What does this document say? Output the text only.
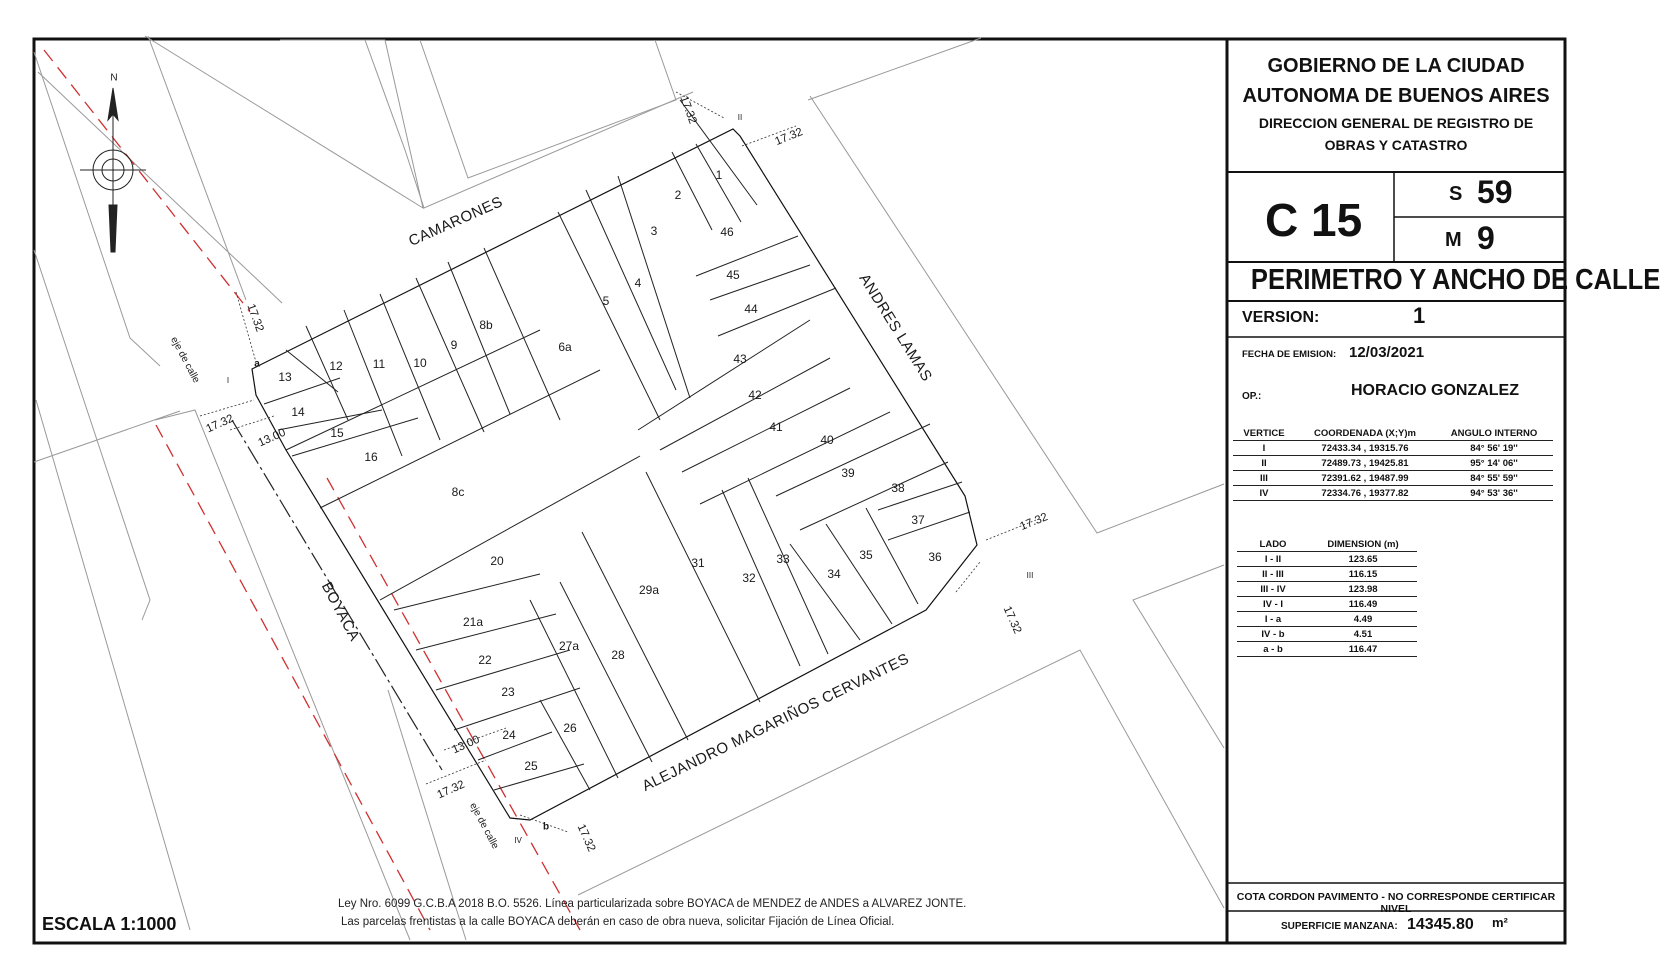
N
CAMARONES
ANDRES LAMAS
BOYACA
ALEJANDRO MAGARIÑOS CERVANTES
eje de calle
eje de calle
17.32
17.32
17.32
17.32
17.32
17.32
17.32
17.32
13.00
13.00
I
II
III
IV
a
b
1
2
3
4
5
6a
8b
9
10
11
12
13
14
15
16
8c
46
45
44
43
42
41
40
39
38
37
36
35
34
33
32
31
29a
28
27a
26
25
24
23
22
21a
20
ESCALA 1:1000
Ley Nro. 6099 G.C.B.A 2018 B.O. 5526. Línea particularizada sobre BOYACA de MENDEZ de ANDES a ALVAREZ JONTE.
Las parcelas frentistas a la calle BOYACA deberán en caso de obra nueva, solicitar Fijación de Línea Oficial.
GOBIERNO DE LA CIUDAD
AUTONOMA DE BUENOS AIRES
DIRECCION GENERAL DE REGISTRO DE
OBRAS Y CATASTRO
C 15	S 59
M 9
PERIMETRO Y ANCHO DE CALLE
VERSION:	1
FECHA DE EMISION: 12/03/2021
OP.:	HORACIO GONZALEZ
VERTICE	COORDENADA (X;Y)m	ANGULO INTERNO
I	72433.34 , 19315.76	84° 56' 19''
II	72489.73 , 19425.81	95° 14' 06''
III	72391.62 , 19487.99	84° 55' 59''
IV	72334.76 , 19377.82	94° 53' 36''
LADO	DIMENSION (m)
I - II	123.65
II - III	116.15
III - IV	123.98
IV - I	116.49
I - a	4.49
IV - b	4.51
a - b	116.47
COTA CORDON PAVIMENTO - NO CORRESPONDE CERTIFICAR NIVEL
SUPERFICIE MANZANA: 14345.80 m²
